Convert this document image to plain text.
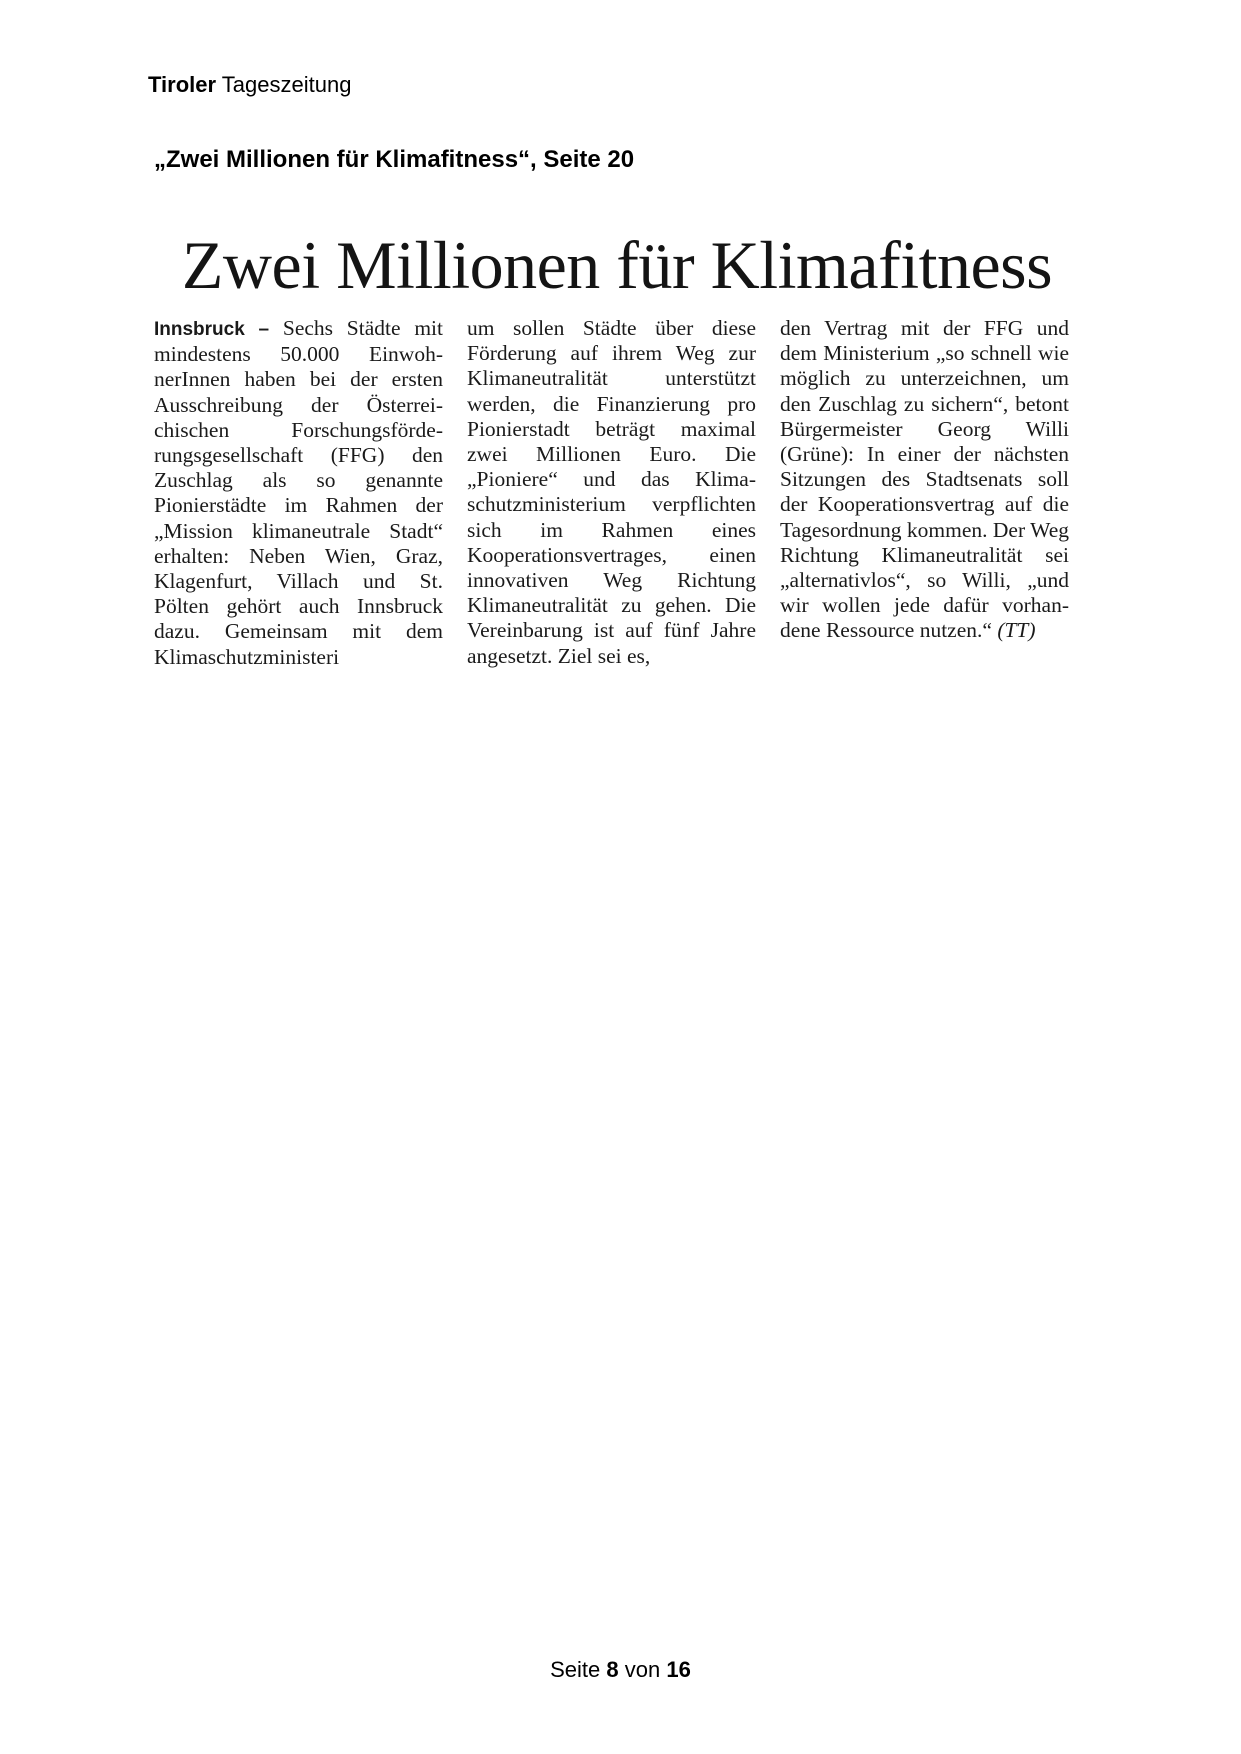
Tiroler Tageszeitung
„Zwei Millionen für Klimafitness“, Seite 20
Zwei Millionen für Klimafitness
Innsbruck – Sechs Städte mit mindestens 50.000 EinwohnerInnen haben bei der ersten Ausschreibung der Österreichischen Forschungsförderungsgesellschaft (FFG) den Zuschlag als so genannte Pionierstädte im Rahmen der „Mission klimaneutrale Stadt“ erhalten: Neben Wien, Graz, Klagenfurt, Villach und St. Pölten gehört auch Innsbruck dazu. Gemeinsam mit dem Klimaschutzministeri
um sollen Städte über diese Förderung auf ihrem Weg zur Klimaneutralität unterstützt werden, die Finanzierung pro Pionierstadt beträgt maximal zwei Millionen Euro. Die „Pioniere“ und das Klimaschutzministerium verpflichten sich im Rahmen eines Kooperationsvertrages, einen innovativen Weg Richtung Klimaneutralität zu gehen. Die Vereinbarung ist auf fünf Jahre angesetzt. Ziel sei es,
den Vertrag mit der FFG und dem Ministerium „so schnell wie möglich zu unterzeichnen, um den Zuschlag zu sichern“, betont Bürgermeister Georg Willi (Grüne): In einer der nächsten Sitzungen des Stadtsenats soll der Kooperationsvertrag auf die Tagesordnung kommen. Der Weg Richtung Klimaneutralität sei „alternativlos“, so Willi, „und wir wollen jede dafür vorhandene Ressource nutzen.“ (TT)
Seite 8 von 16
